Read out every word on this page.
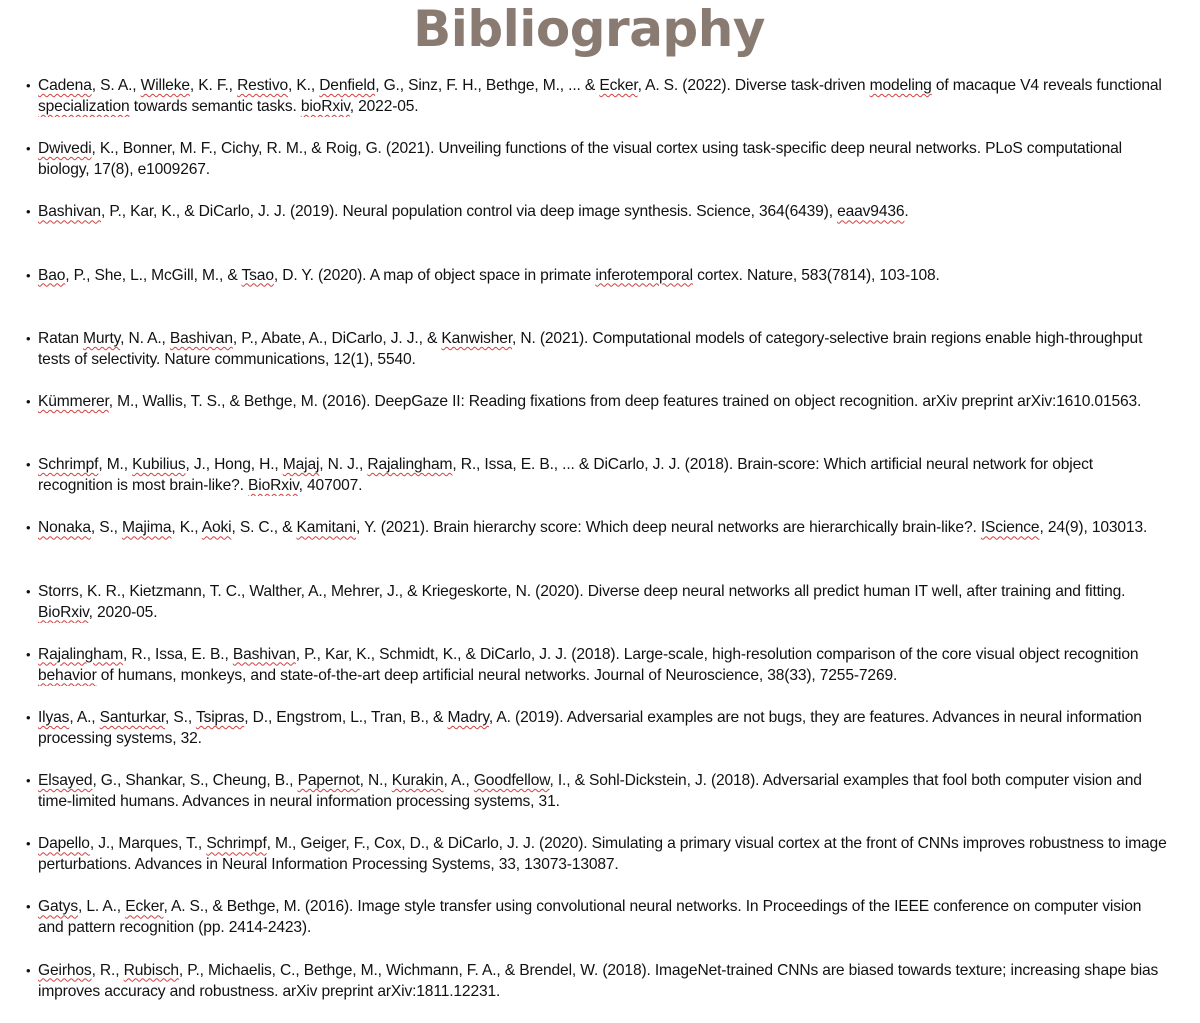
Bibliography
• Cadena, S. A., Willeke, K. F., Restivo, K., Denfield, G., Sinz, F. H., Bethge, M., ... & Ecker, A. S. (2022). Diverse task-driven modeling of macaque V4 reveals functional specialization towards semantic tasks. bioRxiv, 2022-05.
• Dwivedi, K., Bonner, M. F., Cichy, R. M., & Roig, G. (2021). Unveiling functions of the visual cortex using task-specific deep neural networks. PLoS computational biology, 17(8), e1009267.
• Bashivan, P., Kar, K., & DiCarlo, J. J. (2019). Neural population control via deep image synthesis. Science, 364(6439), eaav9436.
• Bao, P., She, L., McGill, M., & Tsao, D. Y. (2020). A map of object space in primate inferotemporal cortex. Nature, 583(7814), 103-108.
• Ratan Murty, N. A., Bashivan, P., Abate, A., DiCarlo, J. J., & Kanwisher, N. (2021). Computational models of category-selective brain regions enable high-throughput tests of selectivity. Nature communications, 12(1), 5540.
• Kümmerer, M., Wallis, T. S., & Bethge, M. (2016). DeepGaze II: Reading fixations from deep features trained on object recognition. arXiv preprint arXiv:1610.01563.
• Schrimpf, M., Kubilius, J., Hong, H., Majaj, N. J., Rajalingham, R., Issa, E. B., ... & DiCarlo, J. J. (2018). Brain-score: Which artificial neural network for object recognition is most brain-like?. BioRxiv, 407007.
• Nonaka, S., Majima, K., Aoki, S. C., & Kamitani, Y. (2021). Brain hierarchy score: Which deep neural networks are hierarchically brain-like?. IScience, 24(9), 103013.
• Storrs, K. R., Kietzmann, T. C., Walther, A., Mehrer, J., & Kriegeskorte, N. (2020). Diverse deep neural networks all predict human IT well, after training and fitting. BioRxiv, 2020-05.
• Rajalingham, R., Issa, E. B., Bashivan, P., Kar, K., Schmidt, K., & DiCarlo, J. J. (2018). Large-scale, high-resolution comparison of the core visual object recognition behavior of humans, monkeys, and state-of-the-art deep artificial neural networks. Journal of Neuroscience, 38(33), 7255-7269.
• Ilyas, A., Santurkar, S., Tsipras, D., Engstrom, L., Tran, B., & Madry, A. (2019). Adversarial examples are not bugs, they are features. Advances in neural information processing systems, 32.
• Elsayed, G., Shankar, S., Cheung, B., Papernot, N., Kurakin, A., Goodfellow, I., & Sohl-Dickstein, J. (2018). Adversarial examples that fool both computer vision and time-limited humans. Advances in neural information processing systems, 31.
• Dapello, J., Marques, T., Schrimpf, M., Geiger, F., Cox, D., & DiCarlo, J. J. (2020). Simulating a primary visual cortex at the front of CNNs improves robustness to image perturbations. Advances in Neural Information Processing Systems, 33, 13073-13087.
• Gatys, L. A., Ecker, A. S., & Bethge, M. (2016). Image style transfer using convolutional neural networks. In Proceedings of the IEEE conference on computer vision and pattern recognition (pp. 2414-2423).
• Geirhos, R., Rubisch, P., Michaelis, C., Bethge, M., Wichmann, F. A., & Brendel, W. (2018). ImageNet-trained CNNs are biased towards texture; increasing shape bias improves accuracy and robustness. arXiv preprint arXiv:1811.12231.
